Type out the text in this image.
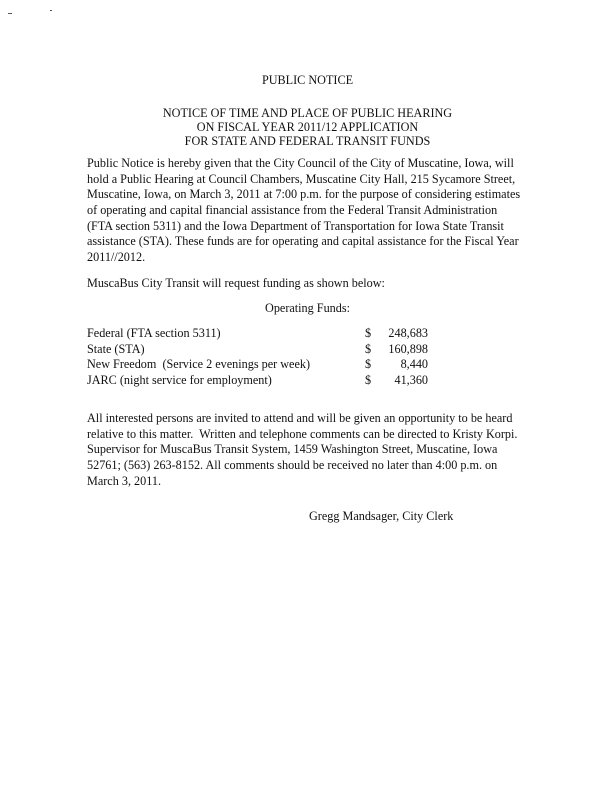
PUBLIC NOTICE
NOTICE OF TIME AND PLACE OF PUBLIC HEARING
ON FISCAL YEAR 2011/12 APPLICATION
FOR STATE AND FEDERAL TRANSIT FUNDS
Public Notice is hereby given that the City Council of the City of Muscatine, Iowa, will
hold a Public Hearing at Council Chambers, Muscatine City Hall, 215 Sycamore Street,
Muscatine, Iowa, on March 3, 2011 at 7:00 p.m. for the purpose of considering estimates
of operating and capital financial assistance from the Federal Transit Administration
(FTA section 5311) and the Iowa Department of Transportation for Iowa State Transit
assistance (STA). These funds are for operating and capital assistance for the Fiscal Year
2011//2012.
MuscaBus City Transit will request funding as shown below:
Operating Funds:
Federal (FTA section 5311)	$ 248,683
State (STA)	$ 160,898
New Freedom  (Service 2 evenings per week)	$ 8,440
JARC (night service for employment)	$ 41,360
All interested persons are invited to attend and will be given an opportunity to be heard
relative to this matter.  Written and telephone comments can be directed to Kristy Korpi.
Supervisor for MuscaBus Transit System, 1459 Washington Street, Muscatine, Iowa
52761; (563) 263-8152. All comments should be received no later than 4:00 p.m. on
March 3, 2011.
Gregg Mandsager, City Clerk
